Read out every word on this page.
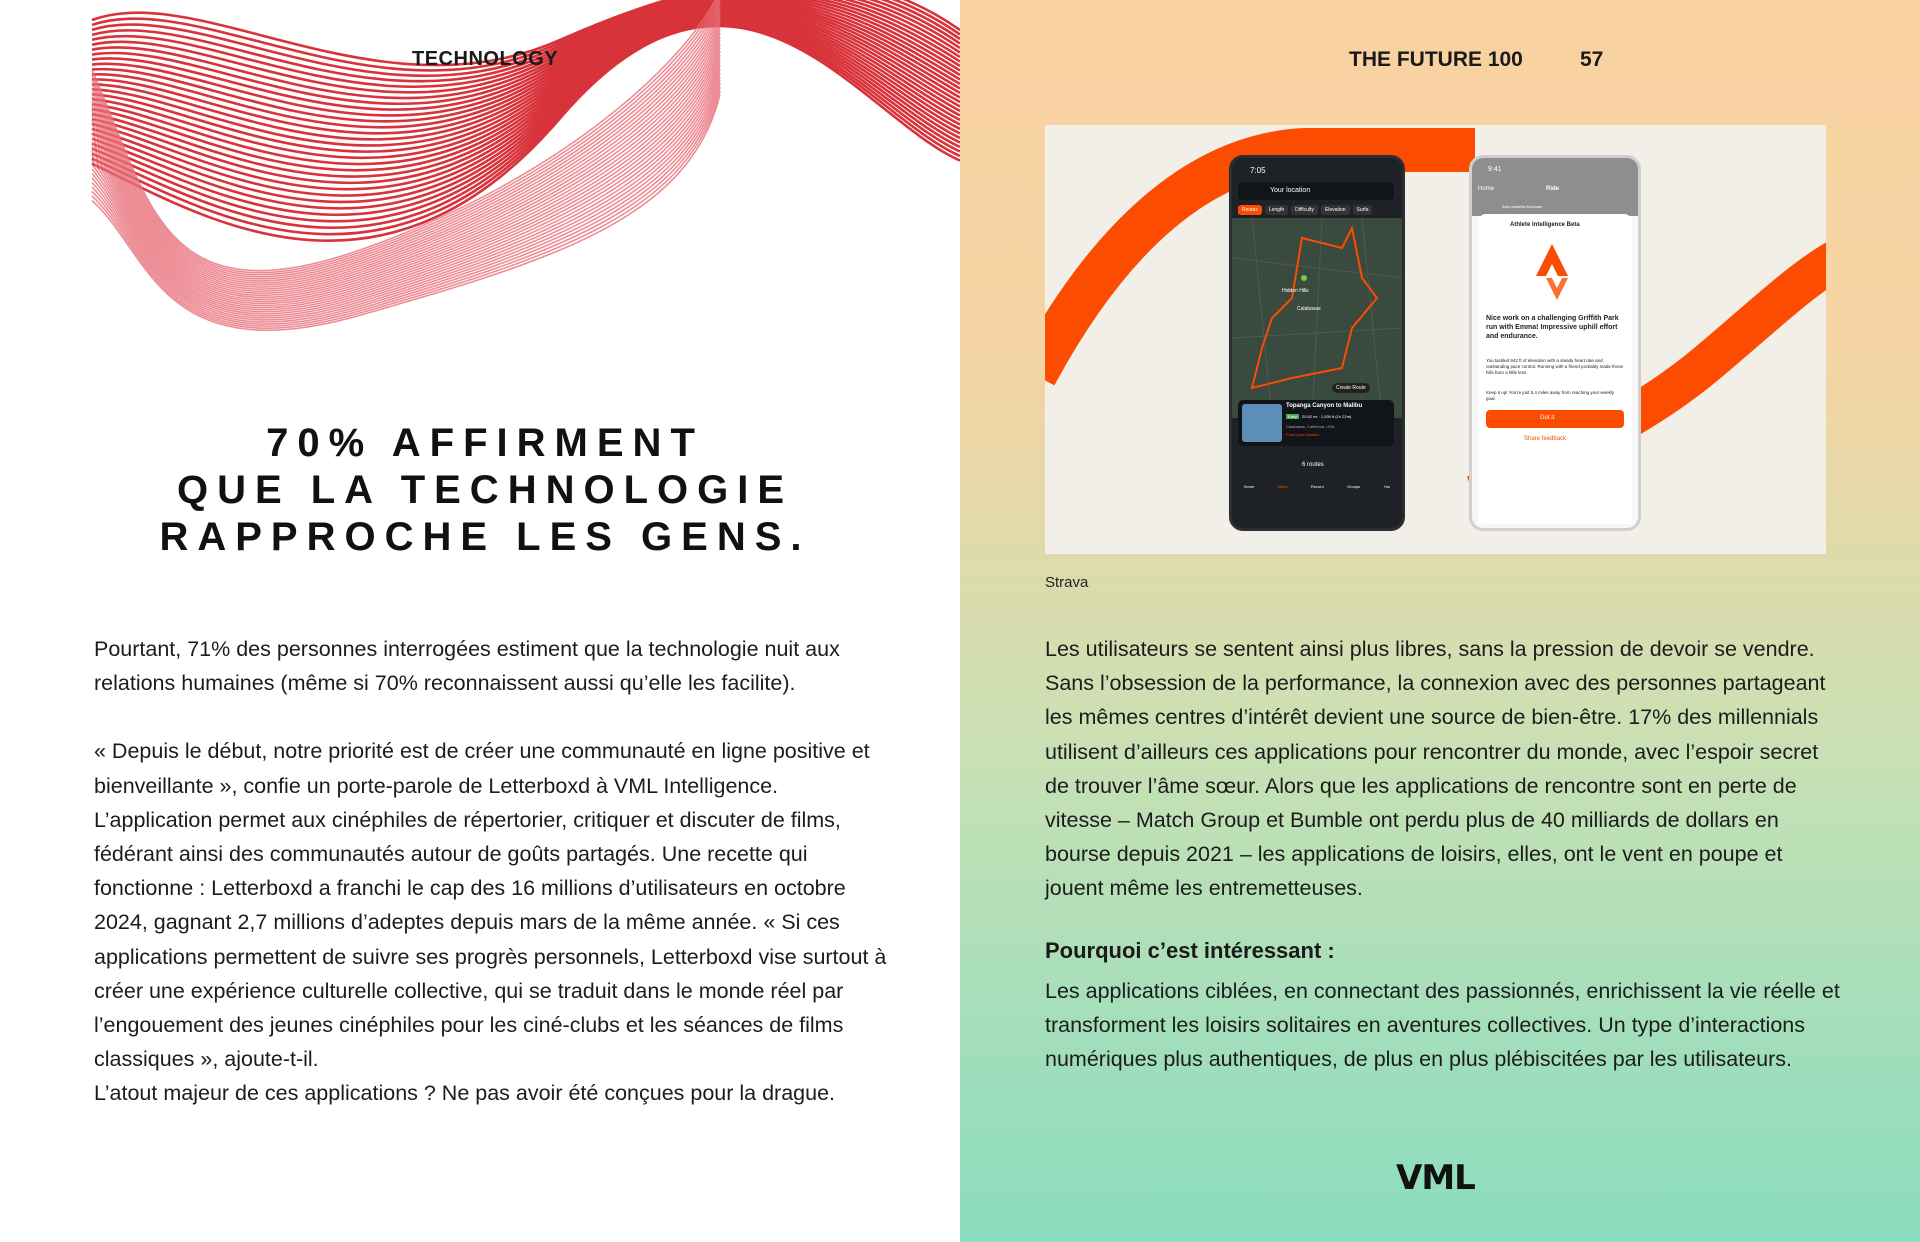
TECHNOLOGY
70% AFFIRMENT
QUE LA TECHNOLOGIE
RAPPROCHE LES GENS.

Pourtant, 71% des personnes interrogées estiment que la technologie nuit aux relations humaines (même si 70% reconnaissent aussi qu’elle les facilite).

« Depuis le début, notre priorité est de créer une communauté en ligne positive et bienveillante », confie un porte-parole de Letterboxd à VML Intelligence. L’application permet aux cinéphiles de répertorier, critiquer et discuter de films, fédérant ainsi des communautés autour de goûts partagés. Une recette qui fonctionne : Letterboxd a franchi le cap des 16 millions d’utilisateurs en octobre 2024, gagnant 2,7 millions d’adeptes depuis mars de la même année. « Si ces applications permettent de suivre ses progrès personnels, Letterboxd vise surtout à créer une expérience culturelle collective, qui se traduit dans le monde réel par l’engouement des jeunes cinéphiles pour les ciné-clubs et les séances de films classiques », ajoute-t-il.

L’atout majeur de ces applications ? Ne pas avoir été conçues pour la drague.

THE FUTURE 100	57
7:05
Your location
Routes	Length	Difficulty	Elevation	Surfa
Hidden Hills
Calabasas
Create Route
Topanga Canyon to Malibu
Easy	20.52 mi · 1,539 ft (1h 22m)
Calabasas, California, USA
From your location
6 routes
Home	Maps	Record	Groups	You
9:41
Home	Ride
Arby Isabella Abraham
Athlete Intelligence Beta
Nice work on a challenging Griffith Park run with Emma! Impressive uphill effort and endurance.
You tackled 942 ft of elevation with a steady heart rate and outstanding pace control. Running with a friend probably made those hills burn a little less.
Keep it up! You're just 5.4 miles away from reaching your weekly goal.
Got it
Share feedback
Strava

Les utilisateurs se sentent ainsi plus libres, sans la pression de devoir se vendre. Sans l’obsession de la performance, la connexion avec des personnes partageant les mêmes centres d’intérêt devient une source de bien-être. 17% des millennials utilisent d’ailleurs ces applications pour rencontrer du monde, avec l’espoir secret de trouver l’âme sœur. Alors que les applications de rencontre sont en perte de vitesse – Match Group et Bumble ont perdu plus de 40 milliards de dollars en bourse depuis 2021 – les applications de loisirs, elles, ont le vent en poupe et jouent même les entremetteuses.

Pourquoi c’est intéressant :

Les applications ciblées, en connectant des passionnés, enrichissent la vie réelle et transforment les loisirs solitaires en aventures collectives. Un type d’interactions numériques plus authentiques, de plus en plus plébiscitées par les utilisateurs.

VML
